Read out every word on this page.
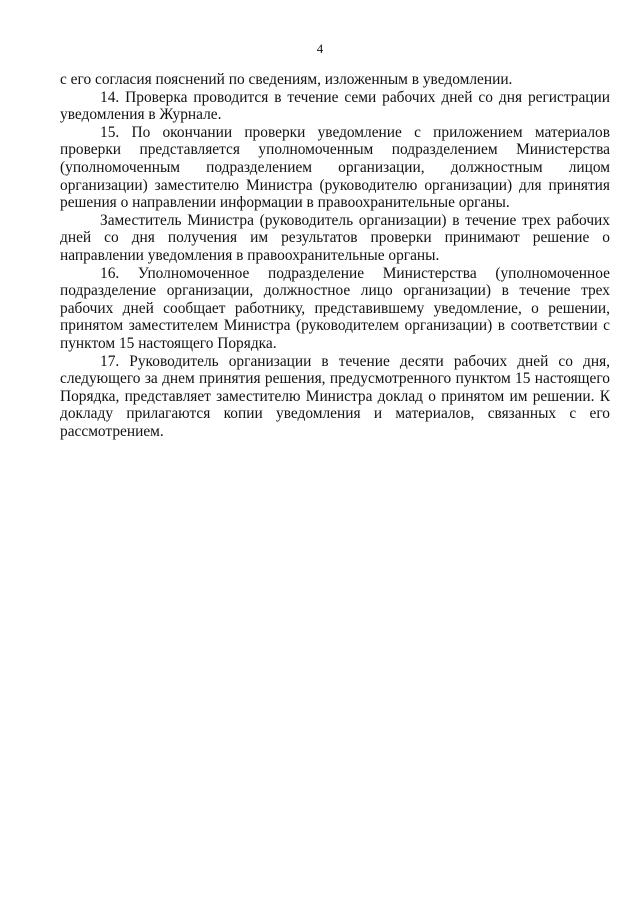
4

с его согласия пояснений по сведениям, изложенным в уведомлении.

14. Проверка проводится в течение семи рабочих дней со дня регистрации уведомления в Журнале.

15. По окончании проверки уведомление с приложением материалов проверки представляется уполномоченным подразделением Министерства (уполномоченным подразделением организации, должностным лицом организации) заместителю Министра (руководителю организации) для принятия решения о направлении информации в правоохранительные органы.

Заместитель Министра (руководитель организации) в течение трех рабочих дней со дня получения им результатов проверки принимают решение о направлении уведомления в правоохранительные органы.

16. Уполномоченное подразделение Министерства (уполномоченное подразделение организации, должностное лицо организации) в течение трех рабочих дней сообщает работнику, представившему уведомление, о решении, принятом заместителем Министра (руководителем организации) в соответствии с пунктом 15 настоящего Порядка.

17. Руководитель организации в течение десяти рабочих дней со дня, следующего за днем принятия решения, предусмотренного пунктом 15 настоящего Порядка, представляет заместителю Министра доклад о принятом им решении. К докладу прилагаются копии уведомления и материалов, связанных с его рассмотрением.
